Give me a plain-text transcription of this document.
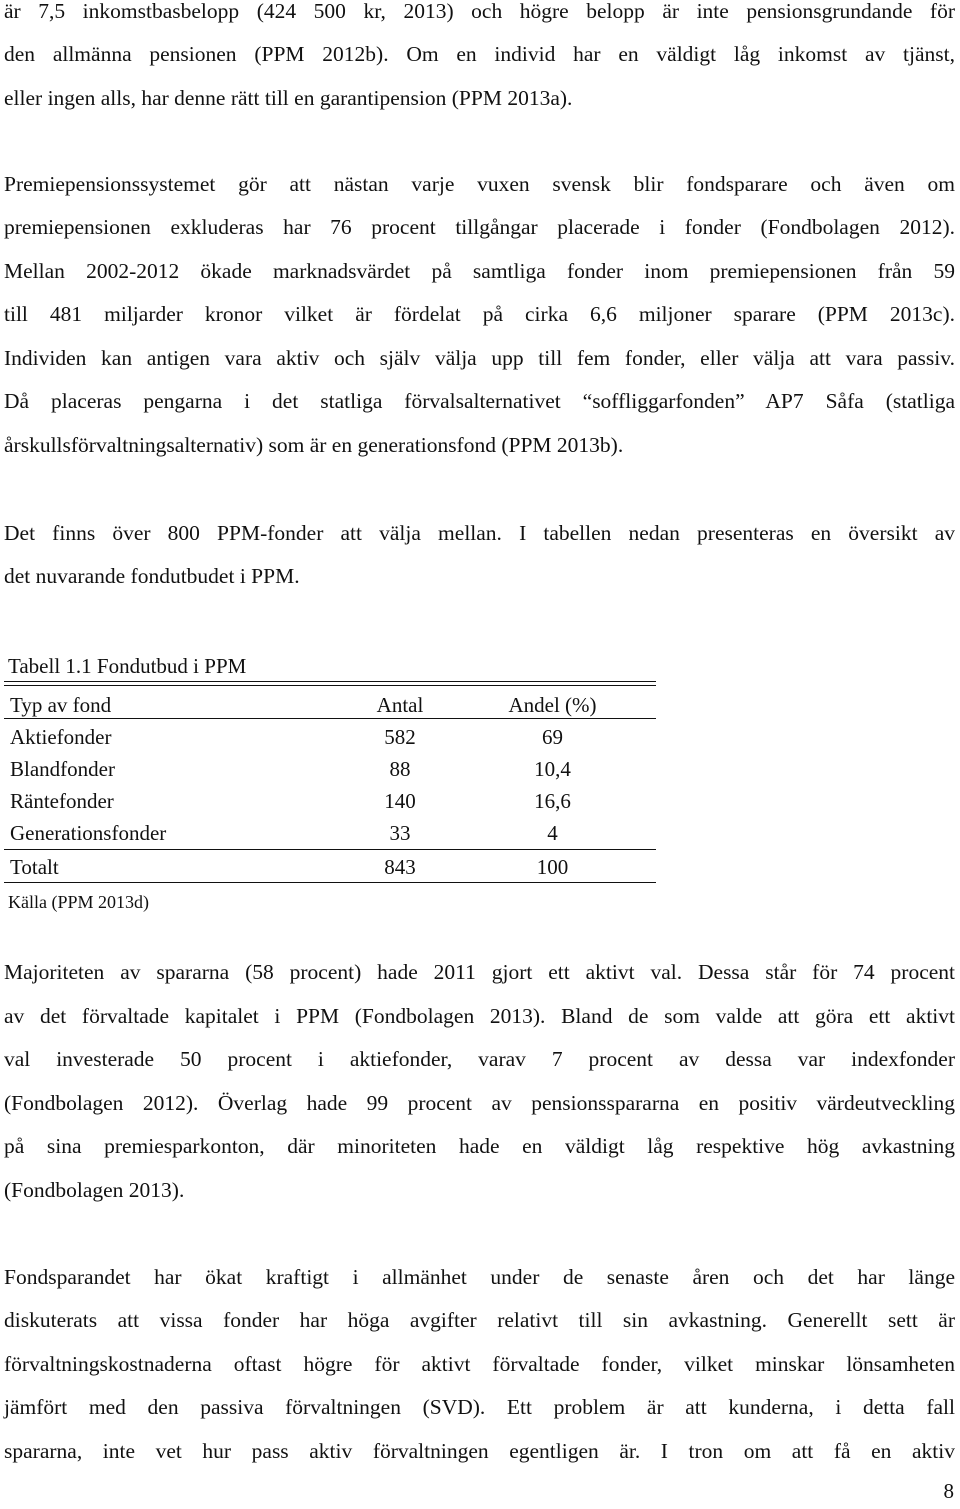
är 7,5 inkomstbasbelopp (424 500 kr, 2013) och högre belopp är inte pensionsgrundande för
den allmänna pensionen (PPM 2012b). Om en individ har en väldigt låg inkomst av tjänst,
eller ingen alls, har denne rätt till en garantipension (PPM 2013a).
Premiepensionssystemet gör att nästan varje vuxen svensk blir fondsparare och även om
premiepensionen exkluderas har 76 procent tillgångar placerade i fonder (Fondbolagen 2012).
Mellan 2002-2012 ökade marknadsvärdet på samtliga fonder inom premiepensionen från 59
till 481 miljarder kronor vilket är fördelat på cirka 6,6 miljoner sparare (PPM 2013c).
Individen kan antigen vara aktiv och själv välja upp till fem fonder, eller välja att vara passiv.
Då placeras pengarna i det statliga förvalsalternativet “soffliggarfonden” AP7 Såfa (statliga
årskullsförvaltningsalternativ) som är en generationsfond (PPM 2013b).
Det finns över 800 PPM-fonder att välja mellan. I tabellen nedan presenteras en översikt av
det nuvarande fondutbudet i PPM.
Tabell 1.1 Fondutbud i PPM
Typ av fond	Antal	Andel (%)
Aktiefonder	582	69
Blandfonder	88	10,4
Räntefonder	140	16,6
Generationsfonder	33	4
Totalt	843	100
Källa (PPM 2013d)
Majoriteten av spararna (58 procent) hade 2011 gjort ett aktivt val. Dessa står för 74 procent
av det förvaltade kapitalet i PPM (Fondbolagen 2013). Bland de som valde att göra ett aktivt
val investerade 50 procent i aktiefonder, varav 7 procent av dessa var indexfonder
(Fondbolagen 2012). Överlag hade 99 procent av pensionsspararna en positiv värdeutveckling
på sina premiesparkonton, där minoriteten hade en väldigt låg respektive hög avkastning
(Fondbolagen 2013).
Fondsparandet har ökat kraftigt i allmänhet under de senaste åren och det har länge
diskuterats att vissa fonder har höga avgifter relativt till sin avkastning. Generellt sett är
förvaltningskostnaderna oftast högre för aktivt förvaltade fonder, vilket minskar lönsamheten
jämfört med den passiva förvaltningen (SVD). Ett problem är att kunderna, i detta fall
spararna, inte vet hur pass aktiv förvaltningen egentligen är. I tron om att få en aktiv
8
